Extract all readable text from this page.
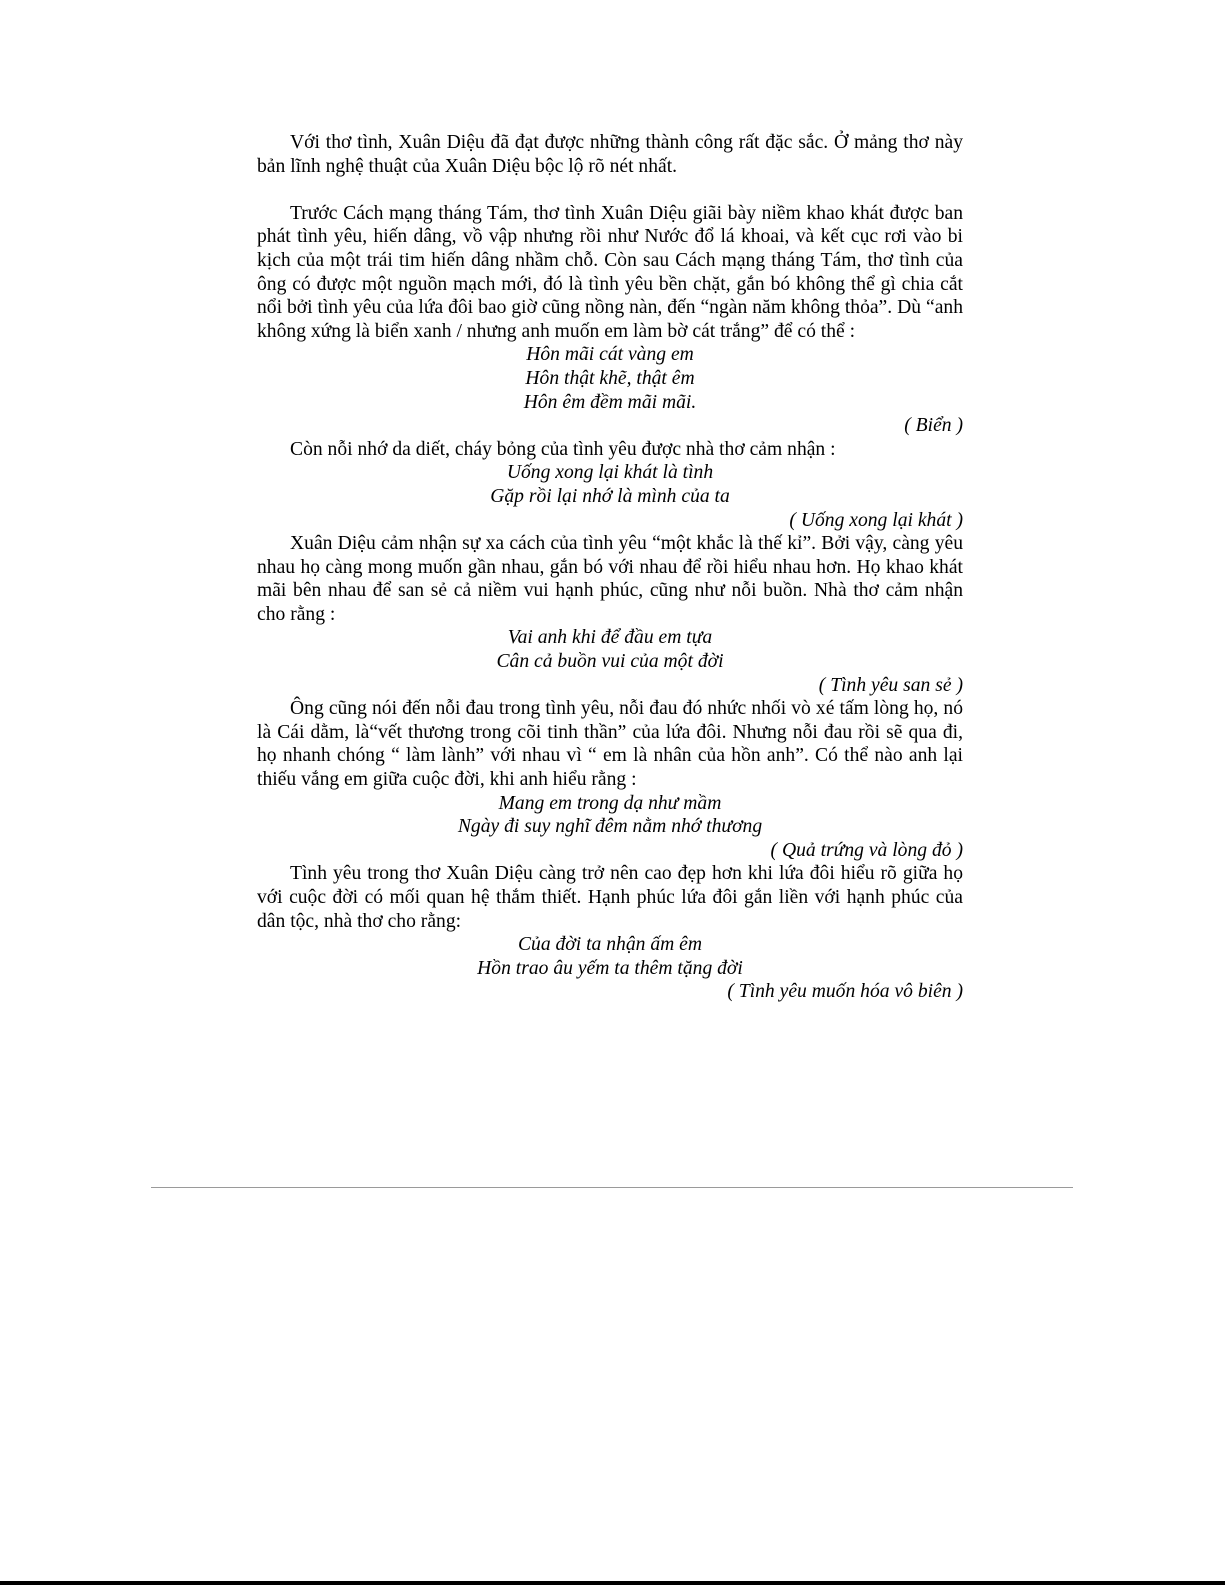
Với thơ tình, Xuân Diệu đã đạt được những thành công rất đặc sắc. Ở mảng thơ này bản lĩnh nghệ thuật của Xuân Diệu bộc lộ rõ nét nhất.

Trước Cách mạng tháng Tám, thơ tình Xuân Diệu giãi bày niềm khao khát được ban phát tình yêu, hiến dâng, vồ vập nhưng rồi như Nước đổ lá khoai, và kết cục rơi vào bi kịch của một trái tim hiến dâng nhầm chỗ. Còn sau Cách mạng tháng Tám, thơ tình của ông có được một nguồn mạch mới, đó là tình yêu bền chặt, gắn bó không thể gì chia cắt nổi bởi tình yêu của lứa đôi bao giờ cũng nồng nàn, đến “ngàn năm không thỏa”. Dù “anh không xứng là biển xanh / nhưng anh muốn em làm bờ cát trắng” để có thể :

Hôn mãi cát vàng em
Hôn thật khẽ, thật êm
Hôn êm đềm mãi mãi.

( Biển )

Còn nỗi nhớ da diết, cháy bỏng của tình yêu được nhà thơ cảm nhận :

Uống xong lại khát là tình
Gặp rồi lại nhớ là mình của ta

( Uống xong lại khát )

Xuân Diệu cảm nhận sự xa cách của tình yêu “một khắc là thế kỉ”. Bởi vậy, càng yêu nhau họ càng mong muốn gần nhau, gắn bó với nhau để rồi hiểu nhau hơn. Họ khao khát mãi bên nhau để san sẻ cả niềm vui hạnh phúc, cũng như nỗi buồn. Nhà thơ cảm nhận cho rằng :

Vai anh khi để đầu em tựa
Cân cả buồn vui của một đời

( Tình yêu san sẻ )

Ông cũng nói đến nỗi đau trong tình yêu, nỗi đau đó nhức nhối vò xé tấm lòng họ, nó là Cái dằm, là“vết thương trong cõi tinh thần” của lứa đôi. Nhưng nỗi đau rồi sẽ qua đi, họ nhanh chóng “ làm lành” với nhau vì “ em là nhân của hồn anh”. Có thể nào anh lại thiếu vắng em giữa cuộc đời, khi anh hiểu rằng :

Mang em trong dạ như mầm
Ngày đi suy nghĩ đêm nằm nhớ thương

( Quả trứng và lòng đỏ )

Tình yêu trong thơ Xuân Diệu càng trở nên cao đẹp hơn khi lứa đôi hiểu rõ giữa họ với cuộc đời có mối quan hệ thắm thiết. Hạnh phúc lứa đôi gắn liền với hạnh phúc của dân tộc, nhà thơ cho rằng:

Của đời ta nhận ấm êm
Hồn trao âu yếm ta thêm tặng đời

( Tình yêu muốn hóa vô biên )
